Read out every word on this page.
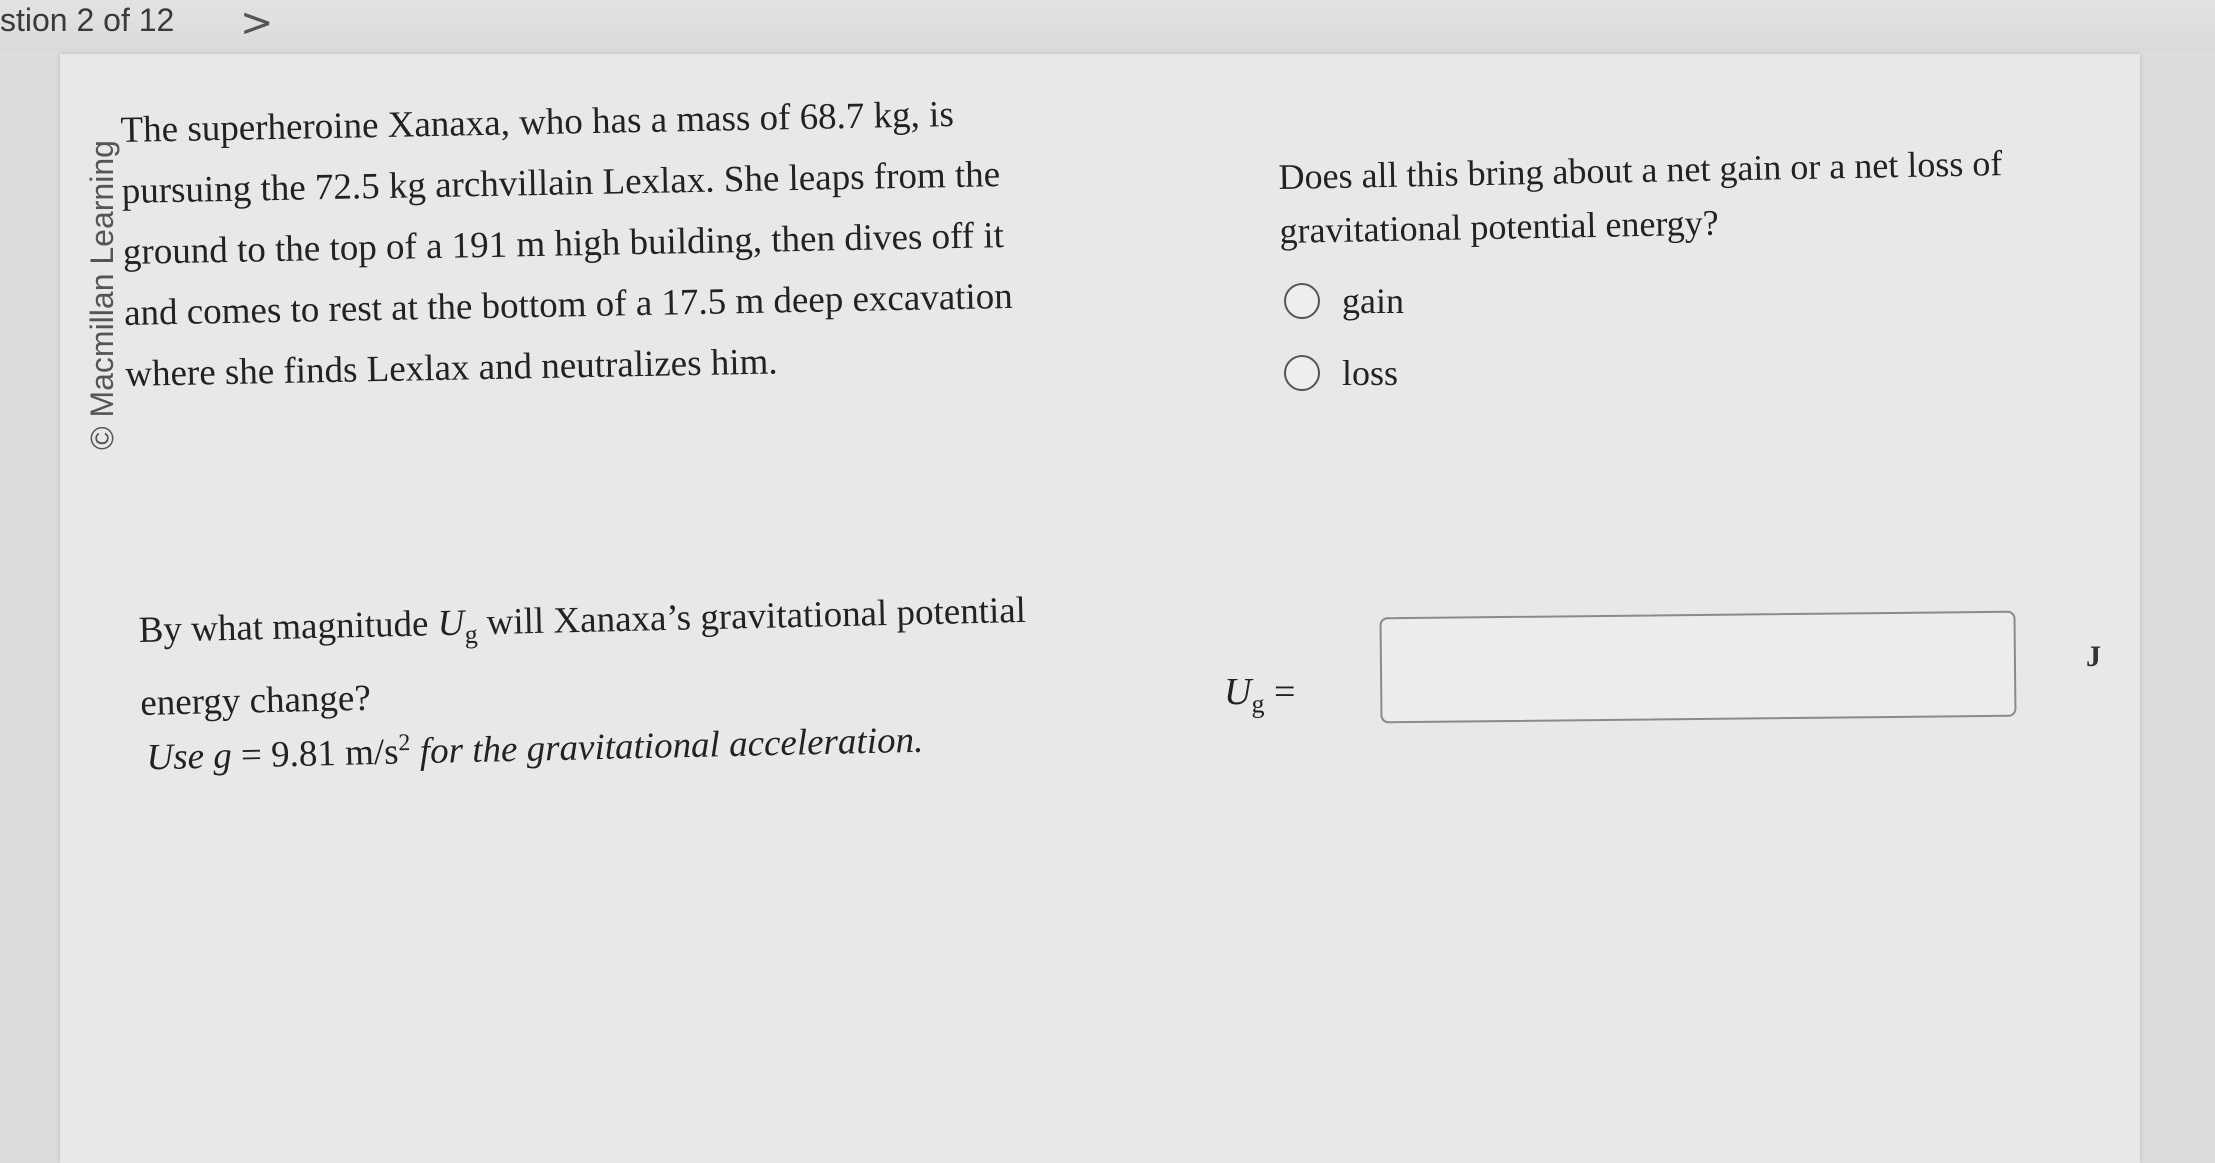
stion 2 of 12 >
© Macmillan Learning
The superheroine Xanaxa, who has a mass of 68.7 kg, is
pursuing the 72.5 kg archvillain Lexlax. She leaps from the
ground to the top of a 191 m high building, then dives off it
and comes to rest at the bottom of a 17.5 m deep excavation
where she finds Lexlax and neutralizes him.
Does all this bring about a net gain or a net loss of
gravitational potential energy?
gain
loss
By what magnitude $U_g$ will Xanaxa’s gravitational potential
energy change?
Use g = 9.81 $m/s^2$ for the gravitational acceleration.
$U_g$ =
J
